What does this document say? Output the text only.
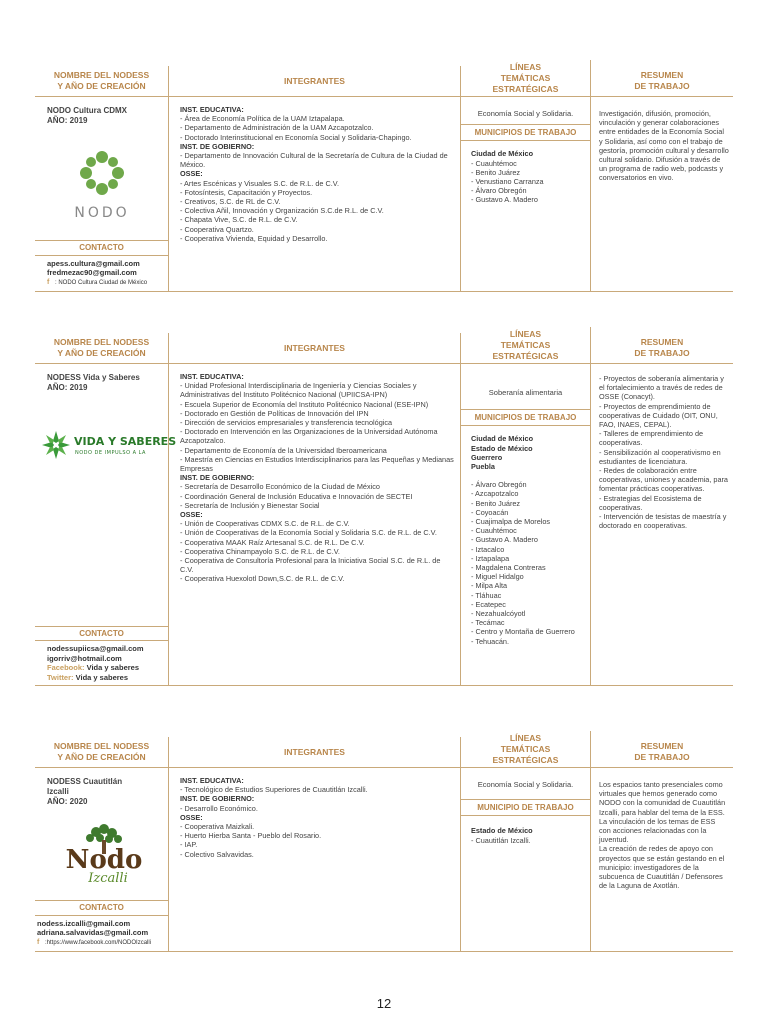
NOMBRE DEL NODESS
Y AÑO DE CREACIÓN
INTEGRANTES
LÍNEAS
TEMÁTICAS
ESTRATÉGICAS
RESUMEN
DE TRABAJO
NODO Cultura CDMX
AÑO: 2019
NODO
CONTACTO
apess.cultura@gmail.com
fredmezac90@gmail.com
f : NODO Cultura Ciudad de México
INST. EDUCATIVA:
- Área de Economía Política de la UAM Iztapalapa.
- Departamento de Administración de la UAM Azcapotzalco.
- Doctorado Interinstitucional en Economía Social y Solidaria-Chapingo.
INST. DE GOBIERNO:
- Departamento de Innovación Cultural de la Secretaría de Cultura de la Ciudad de México.
OSSE:
- Artes Escénicas y Visuales S.C. de R.L. de C.V.
- Fotosíntesis, Capacitación y Proyectos.
- Creativos, S.C. de RL de C.V.
- Colectiva Añil, Innovación y Organización S.C.de R.L. de C.V.
- Chapata Vive, S.C. de R.L. de C.V.
- Cooperativa Quartzo.
- Cooperativa Vivienda, Equidad y Desarrollo.
Economía Social y Solidaria.
MUNICIPIOS DE TRABAJO
Ciudad de México
- Cuauhtémoc
- Benito Juárez
- Venustiano Carranza
- Álvaro Obregón
- Gustavo A. Madero
Investigación, difusión, promoción, vinculación y generar colaboraciones entre entidades de la Economía Social y Solidaria, así como con el trabajo de gestoría, promoción cultural y desarrollo cultural solidario. Difusión a través de un programa de radio web, podcasts y conversatorios en vivo.
NOMBRE DEL NODESS
Y AÑO DE CREACIÓN
INTEGRANTES
LÍNEAS
TEMÁTICAS
ESTRATÉGICAS
RESUMEN
DE TRABAJO
NODESS Vida y Saberes
AÑO: 2019
VIDA Y SABERES
NODO DE IMPULSO A LA
CONTACTO
nodessupiicsa@gmail.com
igorriv@hotmail.com
Facebook: Vida y saberes
Twitter: Vida y saberes
INST. EDUCATIVA:
- Unidad Profesional Interdisciplinaria de Ingeniería y Ciencias Sociales y Administrativas del Instituto Politécnico Nacional (UPIICSA-IPN)
- Escuela Superior de Economía del Instituto Politécnico Nacional (ESE-IPN)
- Doctorado en Gestión de Políticas de Innovación del IPN
- Dirección de servicios empresariales y transferencia tecnológica
- Doctorado en Intervención en las Organizaciones de la Universidad Autónoma Azcapotzalco.
- Departamento de Economía de la Universidad Iberoamericana
- Maestría en Ciencias en Estudios Interdisciplinarios para las Pequeñas y Medianas Empresas
INST. DE GOBIERNO:
- Secretaría de Desarrollo Económico de la Ciudad de México
- Coordinación General de Inclusión Educativa e Innovación de SECTEI
- Secretaría de Inclusión y Bienestar Social
OSSE:
- Unión de Cooperativas CDMX S.C. de R.L. de C.V.
- Unión de Cooperativas de la Economía Social y Solidaria S.C. de R.L. de C.V.
- Cooperativa MAAK Raíz Artesanal S.C. de R.L. De C.V.
- Cooperativa Chinampayolo S.C. de R.L. de C.V.
- Cooperativa de Consultoría Profesional para la Iniciativa Social S.C. de R.L. de C.V.
- Cooperativa Huexolotl Down,S.C. de R.L. de C.V.
Soberanía alimentaria
MUNICIPIOS DE TRABAJO
Ciudad de México
Estado de México
Guerrero
Puebla
- Álvaro Obregón
- Azcapotzalco
- Benito Juárez
- Coyoacán
- Cuajimalpa de Morelos
- Cuauhtémoc
- Gustavo A. Madero
- Iztacalco
- Iztapalapa
- Magdalena Contreras
- Miguel Hidalgo
- Milpa Alta
- Tláhuac
- Ecatepec
- Nezahualcóyotl
- Tecámac
- Centro y Montaña de Guerrero
- Tehuacán.
- Proyectos de soberanía alimentaria y el fortalecimiento a través de redes de OSSE (Conacyt).
- Proyectos de emprendimiento de cooperativas de Cuidado (OIT, ONU, FAO, INAES, CEPAL).
- Talleres de emprendimiento de cooperativas.
- Sensibilización al cooperativismo en estudiantes de licenciatura.
- Redes de colaboración entre cooperativas, uniones y academia, para fomentar prácticas cooperativas.
- Estrategias del Ecosistema de cooperativas.
- Intervención de tesistas de maestría y doctorado en cooperativas.
NOMBRE DEL NODESS
Y AÑO DE CREACIÓN
INTEGRANTES
LÍNEAS
TEMÁTICAS
ESTRATÉGICAS
RESUMEN
DE TRABAJO
NODESS Cuautitlán
Izcalli
AÑO: 2020
Nodo
Izcalli
CONTACTO
nodess.izcalli@gmail.com
adriana.salvavidas@gmail.com
f :https://www.facebook.com/NODOIzcalli
INST. EDUCATIVA:
- Tecnológico de Estudios Superiores de Cuautitlán Izcalli.
INST. DE GOBIERNO:
- Desarrollo Económico.
OSSE:
- Cooperativa Maizkali.
- Huerto Hierba Santa - Pueblo del Rosario.
- IAP.
- Colectivo Salvavidas.
Economía Social y Solidaria.
MUNICIPIO DE TRABAJO
Estado de México
- Cuautitlán Izcalli.
Los espacios tanto presenciales como virtuales que hemos generado como NODO con la comunidad de Cuautitlán Izcalli, para hablar del tema de la ESS.
La vinculación de los temas de ESS con acciones relacionadas con la juventud.
La creación de redes de apoyo con proyectos que se están gestando en el municipio: investigadores de la subcuenca de Cuautitlán / Defensores de la Laguna de Axotlán.
12
